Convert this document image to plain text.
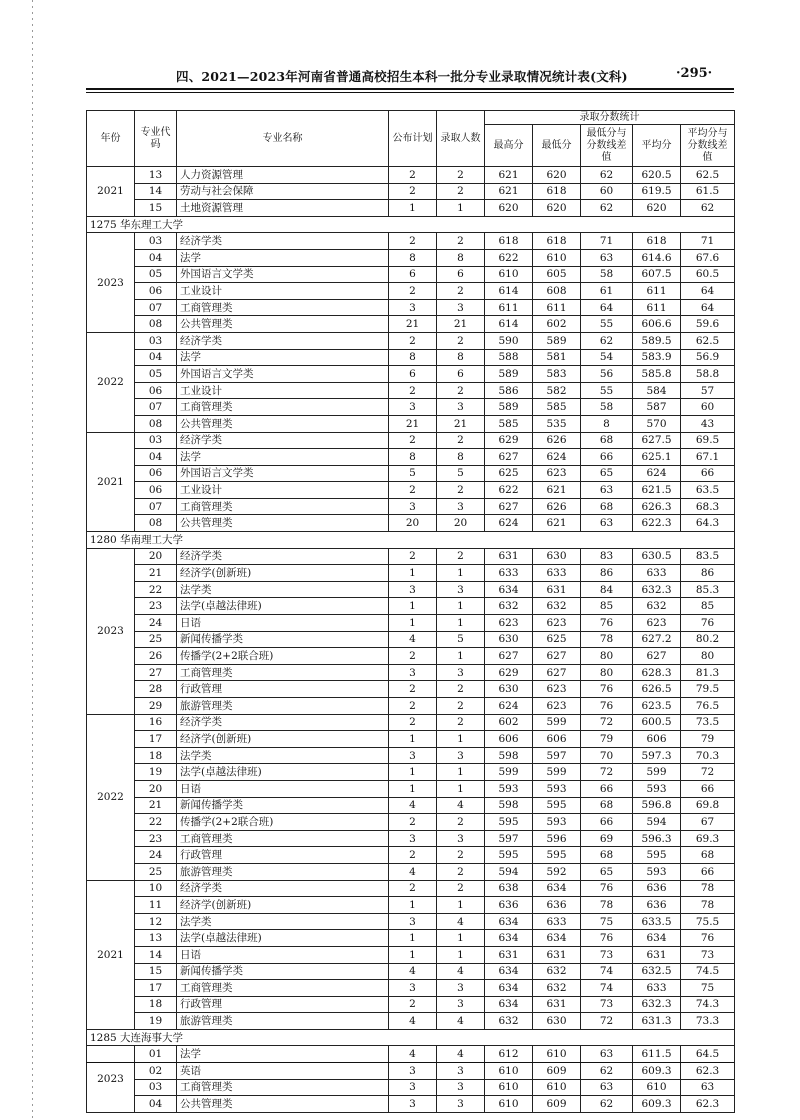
四、2021—2023年河南省普通高校招生本科一批分专业录取情况统计表(文科)	·295·
年份	专业代码	专业名称	公布计划	录取人数	录取分数统计				
					最高分	最低分	最低分与分数线差值	平均分	平均分与分数线差值
2021	13	人力资源管理	2	2	621	620	62	620.5	62.5
	14	劳动与社会保障	2	2	621	618	60	619.5	61.5
	15	土地资源管理	1	1	620	620	62	620	62
1275 华东理工大学									
2023	03	经济学类	2	2	618	618	71	618	71
	04	法学	8	8	622	610	63	614.6	67.6
	05	外国语言文学类	6	6	610	605	58	607.5	60.5
	06	工业设计	2	2	614	608	61	611	64
	07	工商管理类	3	3	611	611	64	611	64
	08	公共管理类	21	21	614	602	55	606.6	59.6
2022	03	经济学类	2	2	590	589	62	589.5	62.5
	04	法学	8	8	588	581	54	583.9	56.9
	05	外国语言文学类	6	6	589	583	56	585.8	58.8
	06	工业设计	2	2	586	582	55	584	57
	07	工商管理类	3	3	589	585	58	587	60
	08	公共管理类	21	21	585	535	8	570	43
2021	03	经济学类	2	2	629	626	68	627.5	69.5
	04	法学	8	8	627	624	66	625.1	67.1
	06	外国语言文学类	5	5	625	623	65	624	66
	06	工业设计	2	2	622	621	63	621.5	63.5
	07	工商管理类	3	3	627	626	68	626.3	68.3
	08	公共管理类	20	20	624	621	63	622.3	64.3
1280 华南理工大学									
2023	20	经济学类	2	2	631	630	83	630.5	83.5
	21	经济学(创新班)	1	1	633	633	86	633	86
	22	法学类	3	3	634	631	84	632.3	85.3
	23	法学(卓越法律班)	1	1	632	632	85	632	85
	24	日语	1	1	623	623	76	623	76
	25	新闻传播学类	4	5	630	625	78	627.2	80.2
	26	传播学(2+2联合班)	2	1	627	627	80	627	80
	27	工商管理类	3	3	629	627	80	628.3	81.3
	28	行政管理	2	2	630	623	76	626.5	79.5
	29	旅游管理类	2	2	624	623	76	623.5	76.5
2022	16	经济学类	2	2	602	599	72	600.5	73.5
	17	经济学(创新班)	1	1	606	606	79	606	79
	18	法学类	3	3	598	597	70	597.3	70.3
	19	法学(卓越法律班)	1	1	599	599	72	599	72
	20	日语	1	1	593	593	66	593	66
	21	新闻传播学类	4	4	598	595	68	596.8	69.8
	22	传播学(2+2联合班)	2	2	595	593	66	594	67
	23	工商管理类	3	3	597	596	69	596.3	69.3
	24	行政管理	2	2	595	595	68	595	68
	25	旅游管理类	4	2	594	592	65	593	66
2021	10	经济学类	2	2	638	634	76	636	78
	11	经济学(创新班)	1	1	636	636	78	636	78
	12	法学类	3	4	634	633	75	633.5	75.5
	13	法学(卓越法律班)	1	1	634	634	76	634	76
	14	日语	1	1	631	631	73	631	73
	15	新闻传播学类	4	4	634	632	74	632.5	74.5
	17	工商管理类	3	3	634	632	74	633	75
	18	行政管理	2	3	634	631	73	632.3	74.3
	19	旅游管理类	4	4	632	630	72	631.3	73.3
1285 大连海事大学									
2023	01	法学	4	4	612	610	63	611.5	64.5
	02	英语	3	3	610	609	62	609.3	62.3
	03	工商管理类	3	3	610	610	63	610	63
	04	公共管理类	3	3	610	609	62	609.3	62.3
